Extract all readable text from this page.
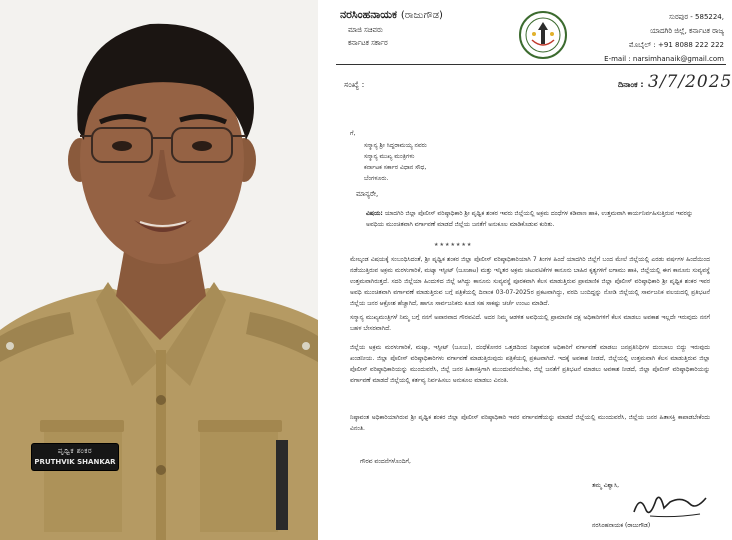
ಪೃಥ್ವಿಕ ಶಂಕರ
PRUTHVIK SHANKAR
ನರಸಿಂಹನಾಯಕ (ರಾಜುಗೌಡ)
ಮಾಜಿ ಸಚಿವರು
ಕರ್ನಾಟಕ ಸರ್ಕಾರ
ಸುರಪುರ - 585224,
ಯಾದಗಿರಿ ಜಿಲ್ಲೆ, ಕರ್ನಾಟಕ ರಾಜ್ಯ
ಮೊಬೈಲ್ : +91 8088 222 222
E-mail : narsimhanaik@gmail.com
ಸಂಖ್ಯೆ :	ದಿನಾಂಕ : 3/7/2025
ಗೆ,
ಸನ್ಮಾನ್ಯ ಶ್ರೀ ಸಿದ್ದರಾಮಯ್ಯ ನವರು
ಸನ್ಮಾನ್ಯ ಮುಖ್ಯ ಮಂತ್ರಿಗಳು
ಕರ್ನಾಟಕ ಸರ್ಕಾರ ವಿಧಾನ ಸೌಧ,
ಬೆಂಗಳೂರು.
ಮಾನ್ಯರೇ,
ವಿಷಯ: ಯಾದಗಿರಿ ಜಿಲ್ಲಾ ಪೊಲೀಸ್ ವರಿಷ್ಠಾಧಿಕಾರಿ ಶ್ರೀ ಪೃಥ್ವಿಕ ಶಂಕರ ಇವರು ಜಿಲ್ಲೆಯಲ್ಲಿ ಅಕ್ರಮ ದಂಧೆಗಳ ಕಡಿವಾಣ ಹಾಕಿ, ಉತ್ತಮವಾಗಿ ಕಾರ್ಯನಿರ್ವಹಿಸುತ್ತಿರುವ ಇವರನ್ನು ಅವಧಿಯ ಮುಂಚಿತವಾಗಿ ವರ್ಗಾವಣೆ ಮಾಡದೆ ಜಿಲ್ಲೆಯ ಜನತೆಗೆ ಅನುಕೂಲ ಮಾಡಿಕೊಡುವ ಕುರಿತು.
★★★★★★★
ಮೇಲ್ಕಂಡ ವಿಷಯಕ್ಕೆ ಸಂಬಂಧಿಸಿದಂತೆ, ಶ್ರೀ ಪೃಥ್ವಿಕ ಶಂಕರ ಜಿಲ್ಲಾ ಪೊಲೀಸ್ ವರಿಷ್ಠಾಧಿಕಾರಿಯಾಗಿ 7 ತಿಂಗಳ ಹಿಂದೆ ಯಾದಗಿರಿ ಜಿಲ್ಲೆಗೆ ಬಂದ ಮೇಲೆ ಜಿಲ್ಲೆಯಲ್ಲಿ ಎರಡು ವರ್ಷಗಳ ಹಿಂದೆಯಿಂದ ನಡೆಯುತ್ತಿರುವ ಅಕ್ರಮ ಮರಳುಗಾರಿಕೆ, ಮಟ್ಕಾ ಇಸ್ಪೀಟ್ (ಜೂಜಾಟ) ಮತ್ತು ಇನ್ನಿತರ ಅಕ್ರಮ ಚಟುವಟಿಕೆಗಳ ಕಾನೂನು ಬಾಹಿರ ಕೃತ್ಯಗಳಿಗೆ ಲಗಾಮು ಹಾಕಿ, ಜಿಲ್ಲೆಯಲ್ಲಿ ಈಗ ಕಾನೂನು ಸುವ್ಯವಸ್ಥೆ ಉತ್ತಮವಾಗಿರುತ್ತದೆ. ಸದರಿ ಜಿಲ್ಲೆಯಾ ಹಿಂದುಳಿದ ಜಿಲ್ಲೆ ಆಗಿದ್ದು ಕಾನೂನು ಸುವ್ಯವಸ್ಥೆ ಪೂರಕವಾಗಿ ಕೆಲಸ ಮಾಡುತ್ತಿರುವ ಪ್ರಾಮಾಣಿಕ ಜಿಲ್ಲಾ ಪೊಲೀಸ್ ವರಿಷ್ಠಾಧಿಕಾರಿ ಶ್ರೀ ಪೃಥ್ವಿಕ ಶಂಕರ ಇವರ ಅವಧಿ ಮುಂಚಿತವಾಗಿ ವರ್ಗಾವಣೆ ಮಾಡುತ್ತಿರುವ ಬಗ್ಗೆ ಪತ್ರಿಕೆಯಲ್ಲಿ ದಿನಾಂಕ 03-07-2025ರ ಪ್ರಕಟವಾಗಿದ್ದು, ವರದಿ ಬಂದಿದ್ದನ್ನು ನೋಡಿ ಜಿಲ್ಲೆಯಲ್ಲಿ ಸಾರ್ವಜನಿಕ ವಲಯದಲ್ಲಿ ಪ್ರತಿಭಟನೆ ಜಿಲ್ಲೆಯ ಜನರ ಆಕ್ರೋಶ ಹೆಚ್ಚಾಗಿದೆ, ಹಾಗೂ ಸಾರ್ವಜನಿಕರು ಕೂಡ ಸಹ ಸಾಕಷ್ಟು ಚರ್ಚೆ ಉಂಟು ಮಾಡಿದೆ.
ಸನ್ಮಾನ್ಯ ಮುಖ್ಯಮಂತ್ರಿಗಳೆ ನಿಮ್ಮ ಬಗ್ಗೆ ನನಗೆ ಅಪಾರವಾದ ಗೌರವವಿದೆ. ಅದರ ನಿಮ್ಮ ಆಡಳಿತ ಅವಧಿಯಲ್ಲಿ ಪ್ರಾಮಾಣಿಕ ದಕ್ಷ ಅಧಿಕಾರಿಗಳಿಗೆ ಕೆಲಸ ಮಾಡಲು ಅವಕಾಶ ಇಲ್ಲದೇ ಇರುವುದು ನನಗೆ ಬಹಳ ಬೇಸರವಾಗಿದೆ.
ಜಿಲ್ಲೆಯ ಅಕ್ರಮ ಮರಳುಗಾರಿಕೆ, ಮಟ್ಕಾ, ಇಸ್ಪೀಟ್ (ಜೂಜು), ದಂಧೆಕೋರರ ಒತ್ತಡದಿಂದ ನಿಷ್ಠಾವಂತ ಅಧಿಕಾರಿಗೆ ವರ್ಗಾವಣೆ ಮಾಡಲು ಜನಪ್ರತಿನಿಧಿಗಳ ದುಂಬಾಲು ಬಿದ್ದು ಇರುವುದು ಖಂಡನೀಯ. ಜಿಲ್ಲಾ ಪೊಲೀಸ್ ವರಿಷ್ಠಾಧಿಕಾರಿಗಳು ವರ್ಗಾವಣೆ ಮಾಡುತ್ತಿರುವುದು ಪತ್ರಿಕೆಯಲ್ಲಿ ಪ್ರಕಟವಾಗಿದೆ. ಇದಕ್ಕೆ ಅವಕಾಶ ನೀಡದೆ, ಜಿಲ್ಲೆಯಲ್ಲಿ ಉತ್ತಮವಾಗಿ ಕೆಲಸ ಮಾಡುತ್ತಿರುವ ಜಿಲ್ಲಾ ಪೊಲೀಸ್ ವರಿಷ್ಠಾಧಿಕಾರಿಯನ್ನು ಮುಂದುವರೆಸಿ, ಜಿಲ್ಲೆ ಜನರ ಹಿತಾಸಕ್ತಿಗಾಗಿ ಮುಂದುವರೆಸಬೇಕು, ಜಿಲ್ಲೆ ಜನತೆಗೆ ಪ್ರತಿಭಟನೆ ಮಾಡಲು ಅವಕಾಶ ನೀಡದೆ, ಜಿಲ್ಲಾ ಪೊಲೀಸ್ ವರಿಷ್ಠಾಧಿಕಾರಿಯನ್ನು ವರ್ಗಾವಣೆ ಮಾಡದೆ ಜಿಲ್ಲೆಯಲ್ಲಿ ಕರ್ತವ್ಯ ನಿರ್ವಹಿಸಲು ಅನುಕೂಲ ಮಾಡಲು ವಿನಂತಿ.
ನಿಷ್ಠಾವಂತ ಅಧಿಕಾರಿಯಾಗಿರುವ ಶ್ರೀ ಪೃಥ್ವಿಕ ಶಂಕರ ಜಿಲ್ಲಾ ಪೊಲೀಸ್ ವರಿಷ್ಠಾಧಿಕಾರಿ ಇವರ ವರ್ಗಾವಣೆಯನ್ನು ಮಾಡದೆ ಜಿಲ್ಲೆಯಲ್ಲಿ ಮುಂದುವರೆಸಿ, ಜಿಲ್ಲೆಯ ಜನರ ಹಿತಾಸಕ್ತಿ ಕಾಪಾಡಬೇಕೆಂದು ವಿನಂತಿ.
ಗೌರವ ವಂದನೆಗಳೊಂದಿಗೆ,
ತಮ್ಮ ವಿಶ್ವಾಸಿ,
ನರಸಿಂಹನಾಯಕ (ರಾಜುಗೌಡ)
